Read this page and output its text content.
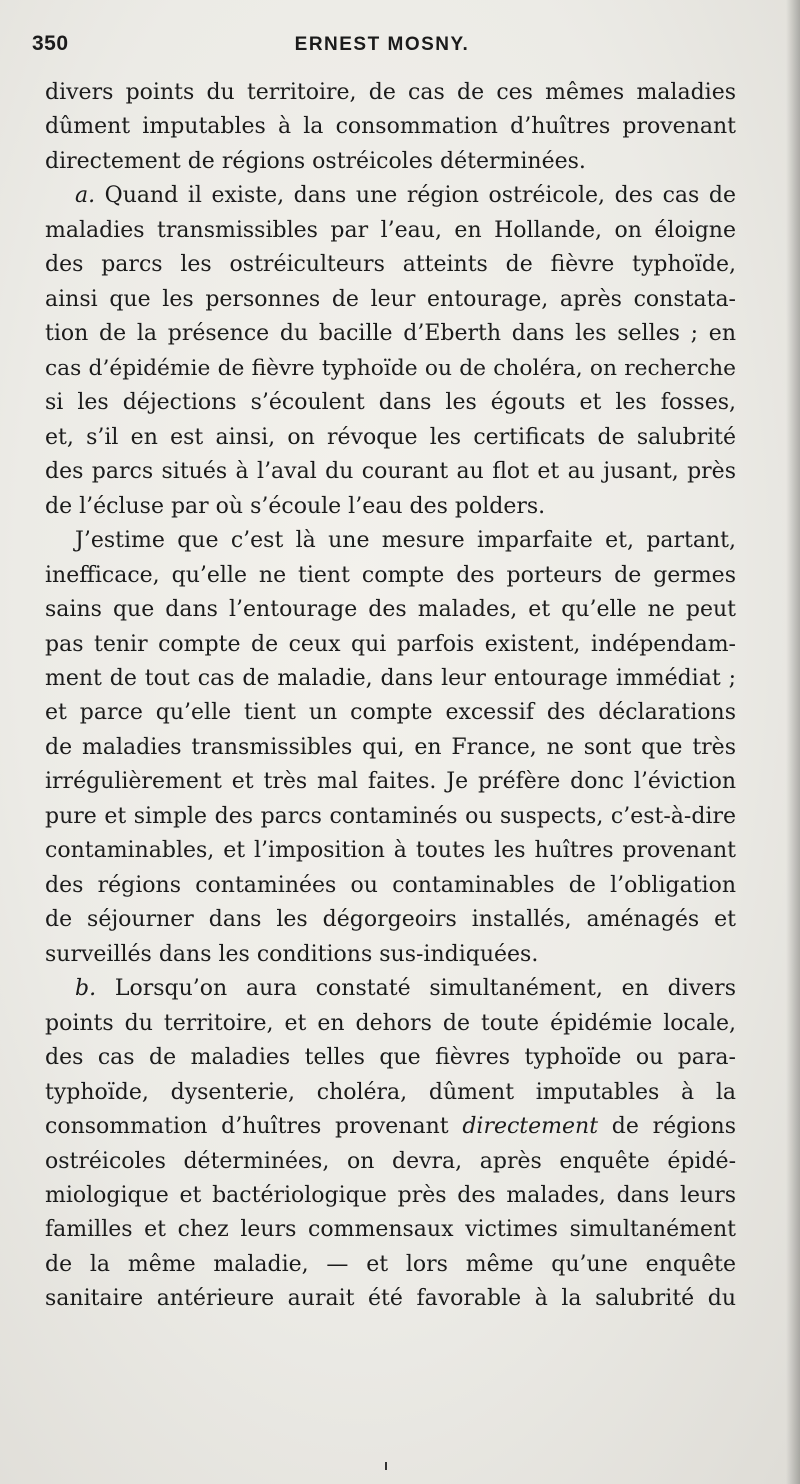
350	ERNEST MOSNY.
divers points du territoire, de cas de ces mêmes maladies
dûment imputables à la consommation d’huîtres provenant
directement de régions ostréicoles déterminées.
a. Quand il existe, dans une région ostréicole, des cas de
maladies transmissibles par l’eau, en Hollande, on éloigne
des parcs les ostréiculteurs atteints de fièvre typhoïde,
ainsi que les personnes de leur entourage, après constata-
tion de la présence du bacille d’Eberth dans les selles ; en
cas d’épidémie de fièvre typhoïde ou de choléra, on recherche
si les déjections s’écoulent dans les égouts et les fosses,
et, s’il en est ainsi, on révoque les certificats de salubrité
des parcs situés à l’aval du courant au flot et au jusant, près
de l’écluse par où s’écoule l’eau des polders.
J’estime que c’est là une mesure imparfaite et, partant,
inefficace, qu’elle ne tient compte des porteurs de germes
sains que dans l’entourage des malades, et qu’elle ne peut
pas tenir compte de ceux qui parfois existent, indépendam-
ment de tout cas de maladie, dans leur entourage immédiat ;
et parce qu’elle tient un compte excessif des déclarations
de maladies transmissibles qui, en France, ne sont que très
irrégulièrement et très mal faites. Je préfère donc l’éviction
pure et simple des parcs contaminés ou suspects, c’est-à-dire
contaminables, et l’imposition à toutes les huîtres provenant
des régions contaminées ou contaminables de l’obligation
de séjourner dans les dégorgeoirs installés, aménagés et
surveillés dans les conditions sus-indiquées.
b. Lorsqu’on aura constaté simultanément, en divers
points du territoire, et en dehors de toute épidémie locale,
des cas de maladies telles que fièvres typhoïde ou para-
typhoïde, dysenterie, choléra, dûment imputables à la
consommation d’huîtres provenant directement de régions
ostréicoles déterminées, on devra, après enquête épidé-
miologique et bactériologique près des malades, dans leurs
familles et chez leurs commensaux victimes simultanément
de la même maladie, — et lors même qu’une enquête
sanitaire antérieure aurait été favorable à la salubrité du
